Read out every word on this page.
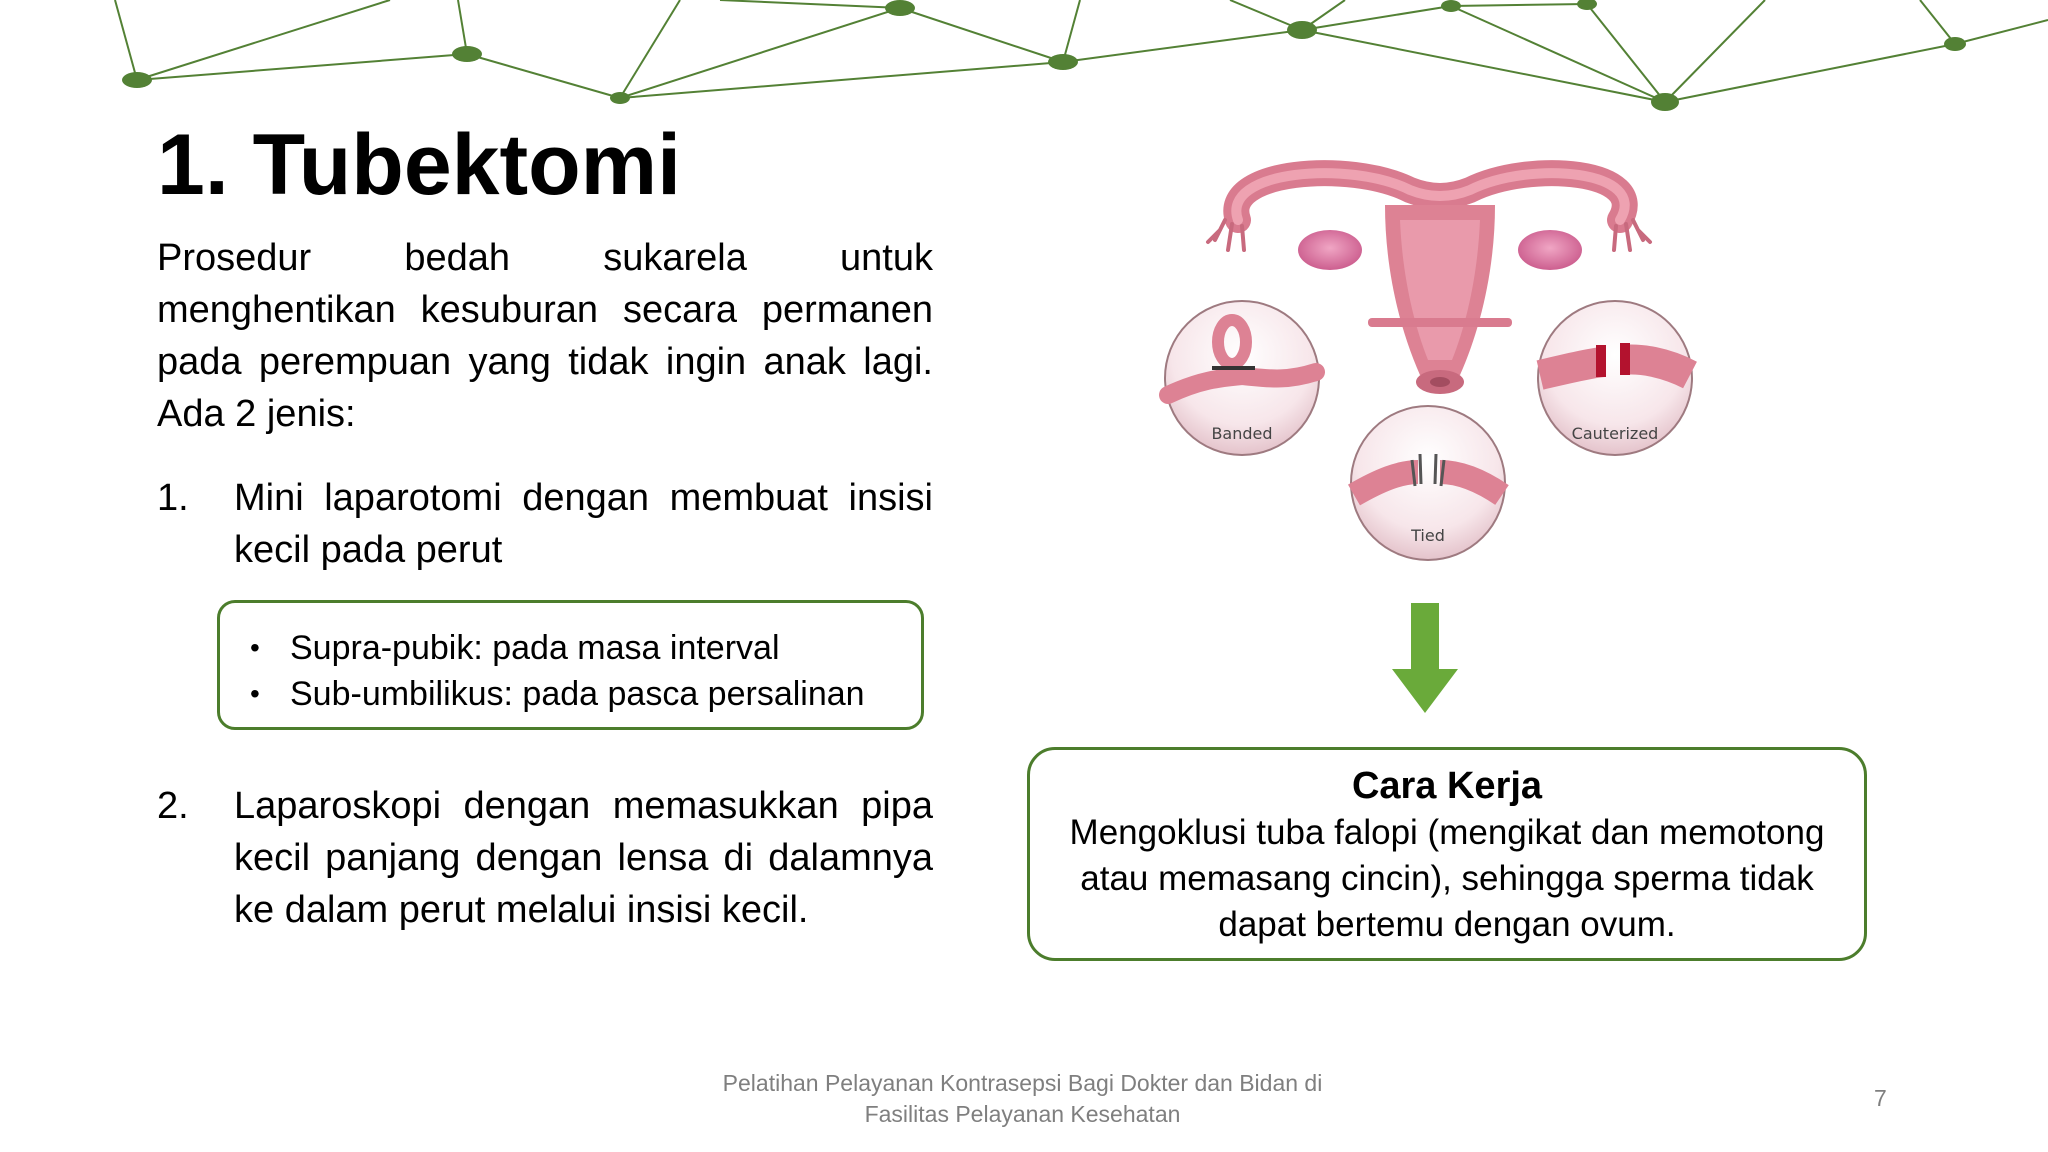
1. Tubektomi

Prosedur bedah sukarela untuk menghentikan kesuburan secara permanen pada perempuan yang tidak ingin anak lagi. Ada 2 jenis:

1. Mini laparotomi dengan membuat insisi kecil pada perut
• Supra-pubik: pada masa interval
• Sub-umbilikus: pada pasca persalinan
2. Laparoskopi dengan memasukkan pipa kecil panjang dengan lensa di dalamnya ke dalam perut melalui insisi kecil.
Banded	Cauterized
Tied
Cara Kerja
Mengoklusi tuba falopi (mengikat dan memotong
atau memasang cincin), sehingga sperma tidak
dapat bertemu dengan ovum.
Pelatihan Pelayanan Kontrasepsi Bagi Dokter dan Bidan di
Fasilitas Pelayanan Kesehatan
7
